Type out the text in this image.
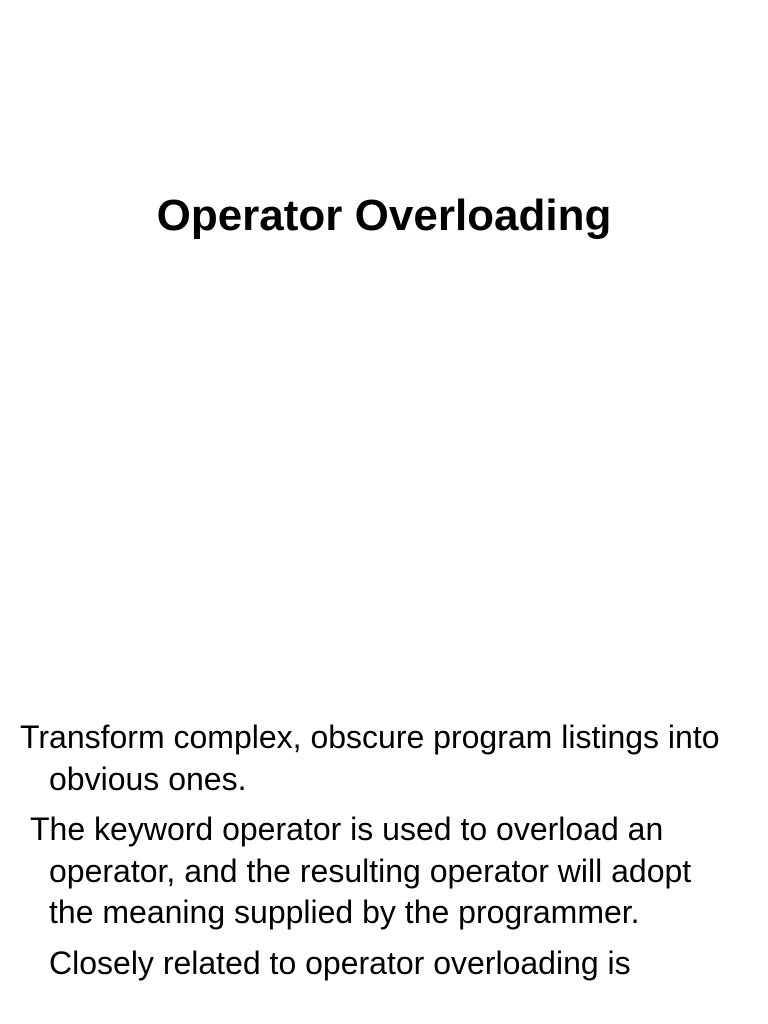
Operator Overloading

Transform complex, obscure program listings into obvious ones.

The keyword operator is used to overload an operator, and the resulting operator will adopt the meaning supplied by the programmer.

Closely related to operator overloading is
